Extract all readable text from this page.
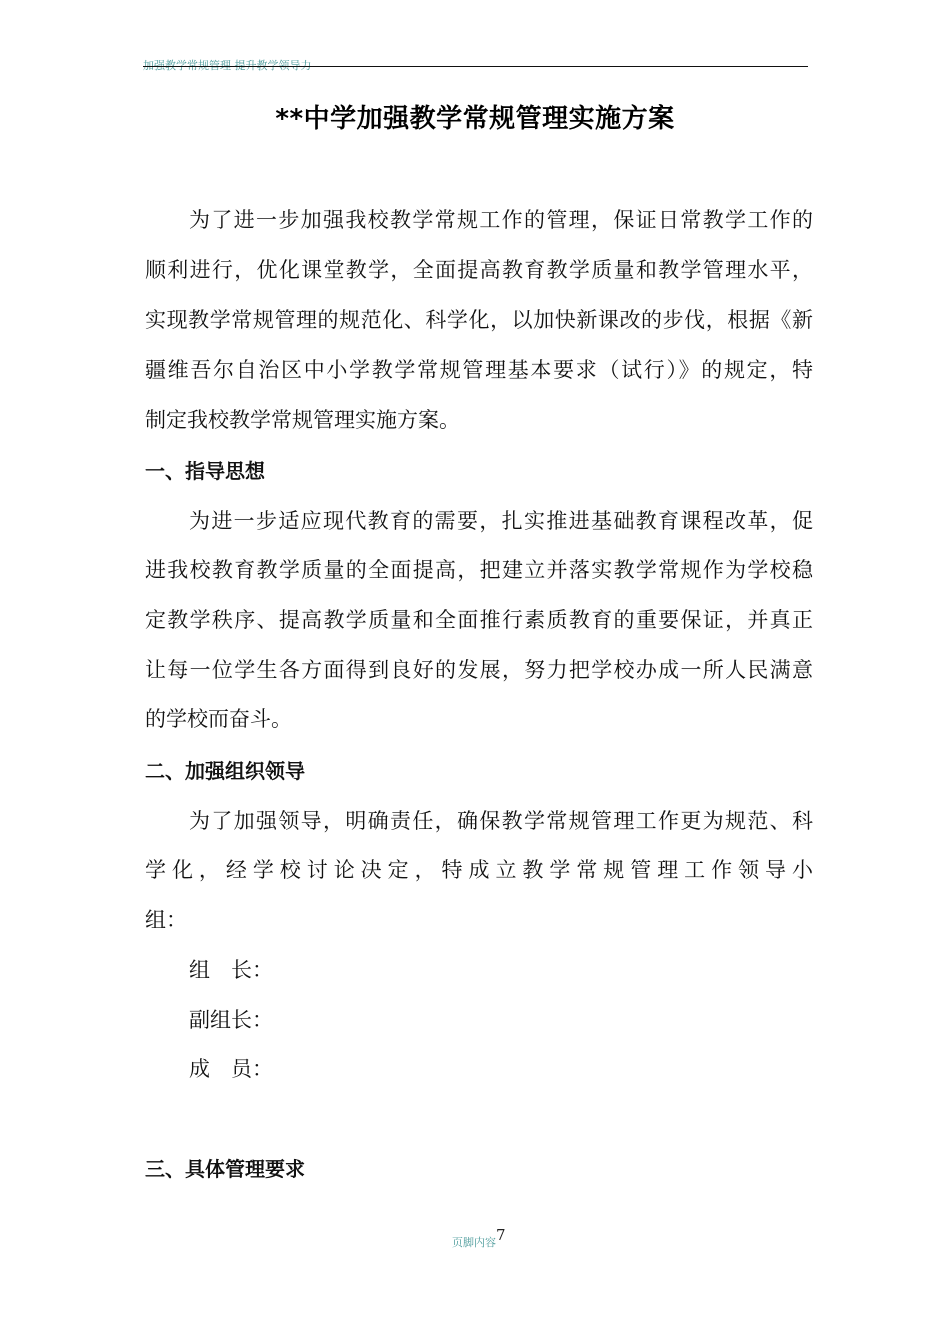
加强教学常规管理 提升教学领导力
**中学加强教学常规管理实施方案
为了进一步加强我校教学常规工作的管理，保证日常教学工作的
顺利进行，优化课堂教学，全面提高教育教学质量和教学管理水平，
实现教学常规管理的规范化、科学化，以加快新课改的步伐，根据《新
疆维吾尔自治区中小学教学常规管理基本要求（试行）》的规定，特
制定我校教学常规管理实施方案。
一、指导思想
为进一步适应现代教育的需要，扎实推进基础教育课程改革，促
进我校教育教学质量的全面提高，把建立并落实教学常规作为学校稳
定教学秩序、提高教学质量和全面推行素质教育的重要保证，并真正
让每一位学生各方面得到良好的发展，努力把学校办成一所人民满意
的学校而奋斗。
二、加强组织领导
为了加强领导，明确责任，确保教学常规管理工作更为规范、科
学化，经学校讨论决定，特成立教学常规管理工作领导小
组：
组　长：
副组长：
成　员：
三、具体管理要求
页脚内容7
